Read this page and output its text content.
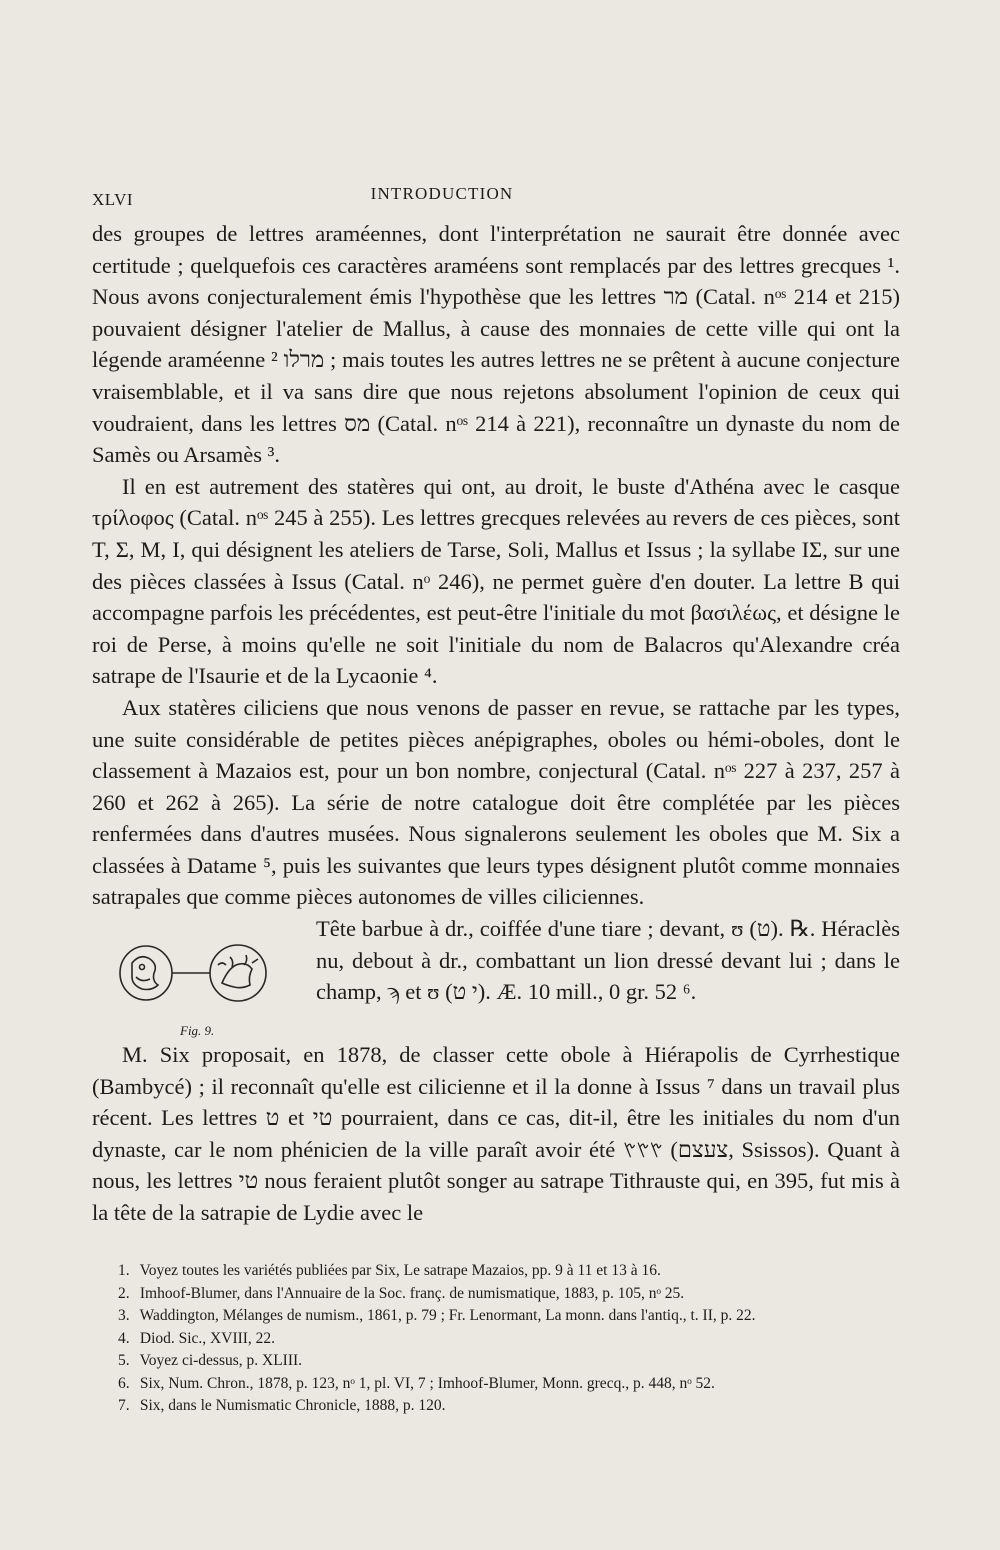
XLVI	INTRODUCTION

des groupes de lettres araméennes, dont l'interprétation ne saurait être donnée avec certitude ; quelquefois ces caractères araméens sont remplacés par des lettres grecques ¹. Nous avons conjecturalement émis l'hypothèse que les lettres מר (Catal. nᵒˢ 214 et 215) pouvaient désigner l'atelier de Mallus, à cause des monnaies de cette ville qui ont la légende araméenne מרלו ² ; mais toutes les autres lettres ne se prêtent à aucune conjecture vraisemblable, et il va sans dire que nous rejetons absolument l'opinion de ceux qui voudraient, dans les lettres מס (Catal. nᵒˢ 214 à 221), reconnaître un dynaste du nom de Samès ou Arsamès ³.

Il en est autrement des statères qui ont, au droit, le buste d'Athéna avec le casque τρίλοφος (Catal. nᵒˢ 245 à 255). Les lettres grecques relevées au revers de ces pièces, sont T, Σ, M, I, qui désignent les ateliers de Tarse, Soli, Mallus et Issus ; la syllabe IΣ, sur une des pièces classées à Issus (Catal. nᵒ 246), ne permet guère d'en douter. La lettre B qui accompagne parfois les précédentes, est peut-être l'initiale du mot βασιλέως, et désigne le roi de Perse, à moins qu'elle ne soit l'initiale du nom de Balacros qu'Alexandre créa satrape de l'Isaurie et de la Lycaonie ⁴.

Aux statères ciliciens que nous venons de passer en revue, se rattache par les types, une suite considérable de petites pièces anépigraphes, oboles ou hémi-oboles, dont le classement à Mazaios est, pour un bon nombre, conjectural (Catal. nᵒˢ 227 à 237, 257 à 260 et 262 à 265). La série de notre catalogue doit être complétée par les pièces renfermées dans d'autres musées. Nous signalerons seulement les oboles que M. Six a classées à Datame ⁵, puis les suivantes que leurs types désignent plutôt comme monnaies satrapales que comme pièces autonomes de villes ciliciennes.

Fig. 9.

Tête barbue à dr., coiffée d'une tiare ; devant, ʊ (ט). ℞. Héraclès nu, debout à dr., combattant un lion dressé devant lui ; dans le champ, ϡ et ʊ (י ט). Æ. 10 mill., 0 gr. 52 ⁶.

M. Six proposait, en 1878, de classer cette obole à Hiérapolis de Cyrrhestique (Bambycé) ; il reconnaît qu'elle est cilicienne et il la donne à Issus ⁷ dans un travail plus récent. Les lettres ט et טי pourraient, dans ce cas, dit-il, être les initiales du nom d'un dynaste, car le nom phénicien de la ville paraît avoir été 𐤑𐤑𐤑 (צעצם, Ssissos). Quant à nous, les lettres טי nous feraient plutôt songer au satrape Tithrauste qui, en 395, fut mis à la tête de la satrapie de Lydie avec le

1. Voyez toutes les variétés publiées par Six, Le satrape Mazaios, pp. 9 à 11 et 13 à 16.
2. Imhoof-Blumer, dans l'Annuaire de la Soc. franç. de numismatique, 1883, p. 105, nᵒ 25.
3. Waddington, Mélanges de numism., 1861, p. 79 ; Fr. Lenormant, La monn. dans l'antiq., t. II, p. 22.
4. Diod. Sic., XVIII, 22.
5. Voyez ci-dessus, p. XLIII.
6. Six, Num. Chron., 1878, p. 123, nᵒ 1, pl. VI, 7 ; Imhoof-Blumer, Monn. grecq., p. 448, nᵒ 52.
7. Six, dans le Numismatic Chronicle, 1888, p. 120.
